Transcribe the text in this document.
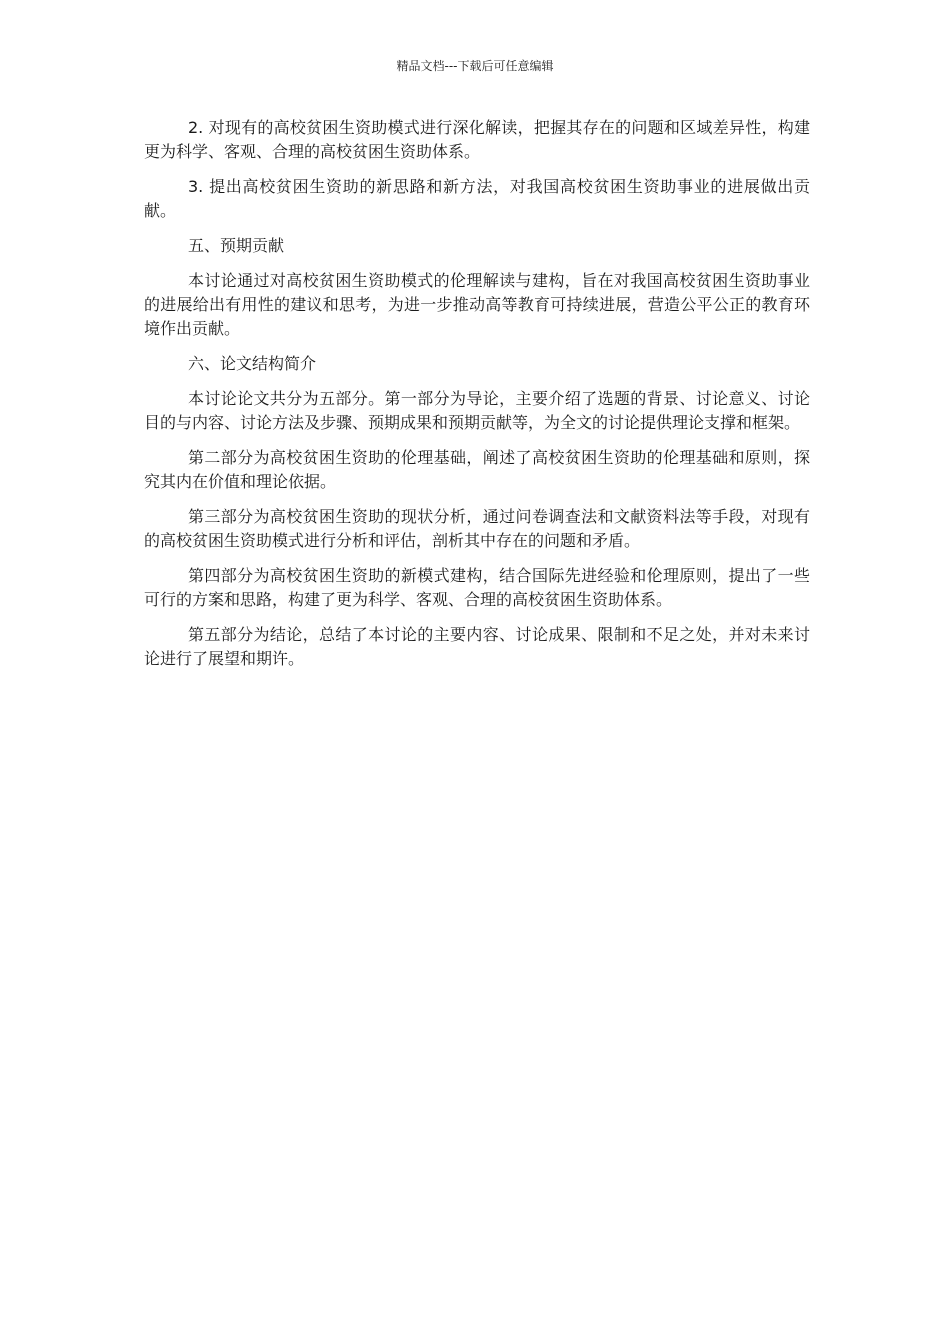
精品文档---下载后可任意编辑

2. 对现有的高校贫困生资助模式进行深化解读，把握其存在的问题和区域差异性，构建更为科学、客观、合理的高校贫困生资助体系。

3. 提出高校贫困生资助的新思路和新方法，对我国高校贫困生资助事业的进展做出贡献。

五、预期贡献

本讨论通过对高校贫困生资助模式的伦理解读与建构，旨在对我国高校贫困生资助事业的进展给出有用性的建议和思考，为进一步推动高等教育可持续进展，营造公平公正的教育环境作出贡献。

六、论文结构简介

本讨论论文共分为五部分。第一部分为导论，主要介绍了选题的背景、讨论意义、讨论目的与内容、讨论方法及步骤、预期成果和预期贡献等，为全文的讨论提供理论支撑和框架。

第二部分为高校贫困生资助的伦理基础，阐述了高校贫困生资助的伦理基础和原则，探究其内在价值和理论依据。

第三部分为高校贫困生资助的现状分析，通过问卷调查法和文献资料法等手段，对现有的高校贫困生资助模式进行分析和评估，剖析其中存在的问题和矛盾。

第四部分为高校贫困生资助的新模式建构，结合国际先进经验和伦理原则，提出了一些可行的方案和思路，构建了更为科学、客观、合理的高校贫困生资助体系。

第五部分为结论，总结了本讨论的主要内容、讨论成果、限制和不足之处，并对未来讨论进行了展望和期许。
